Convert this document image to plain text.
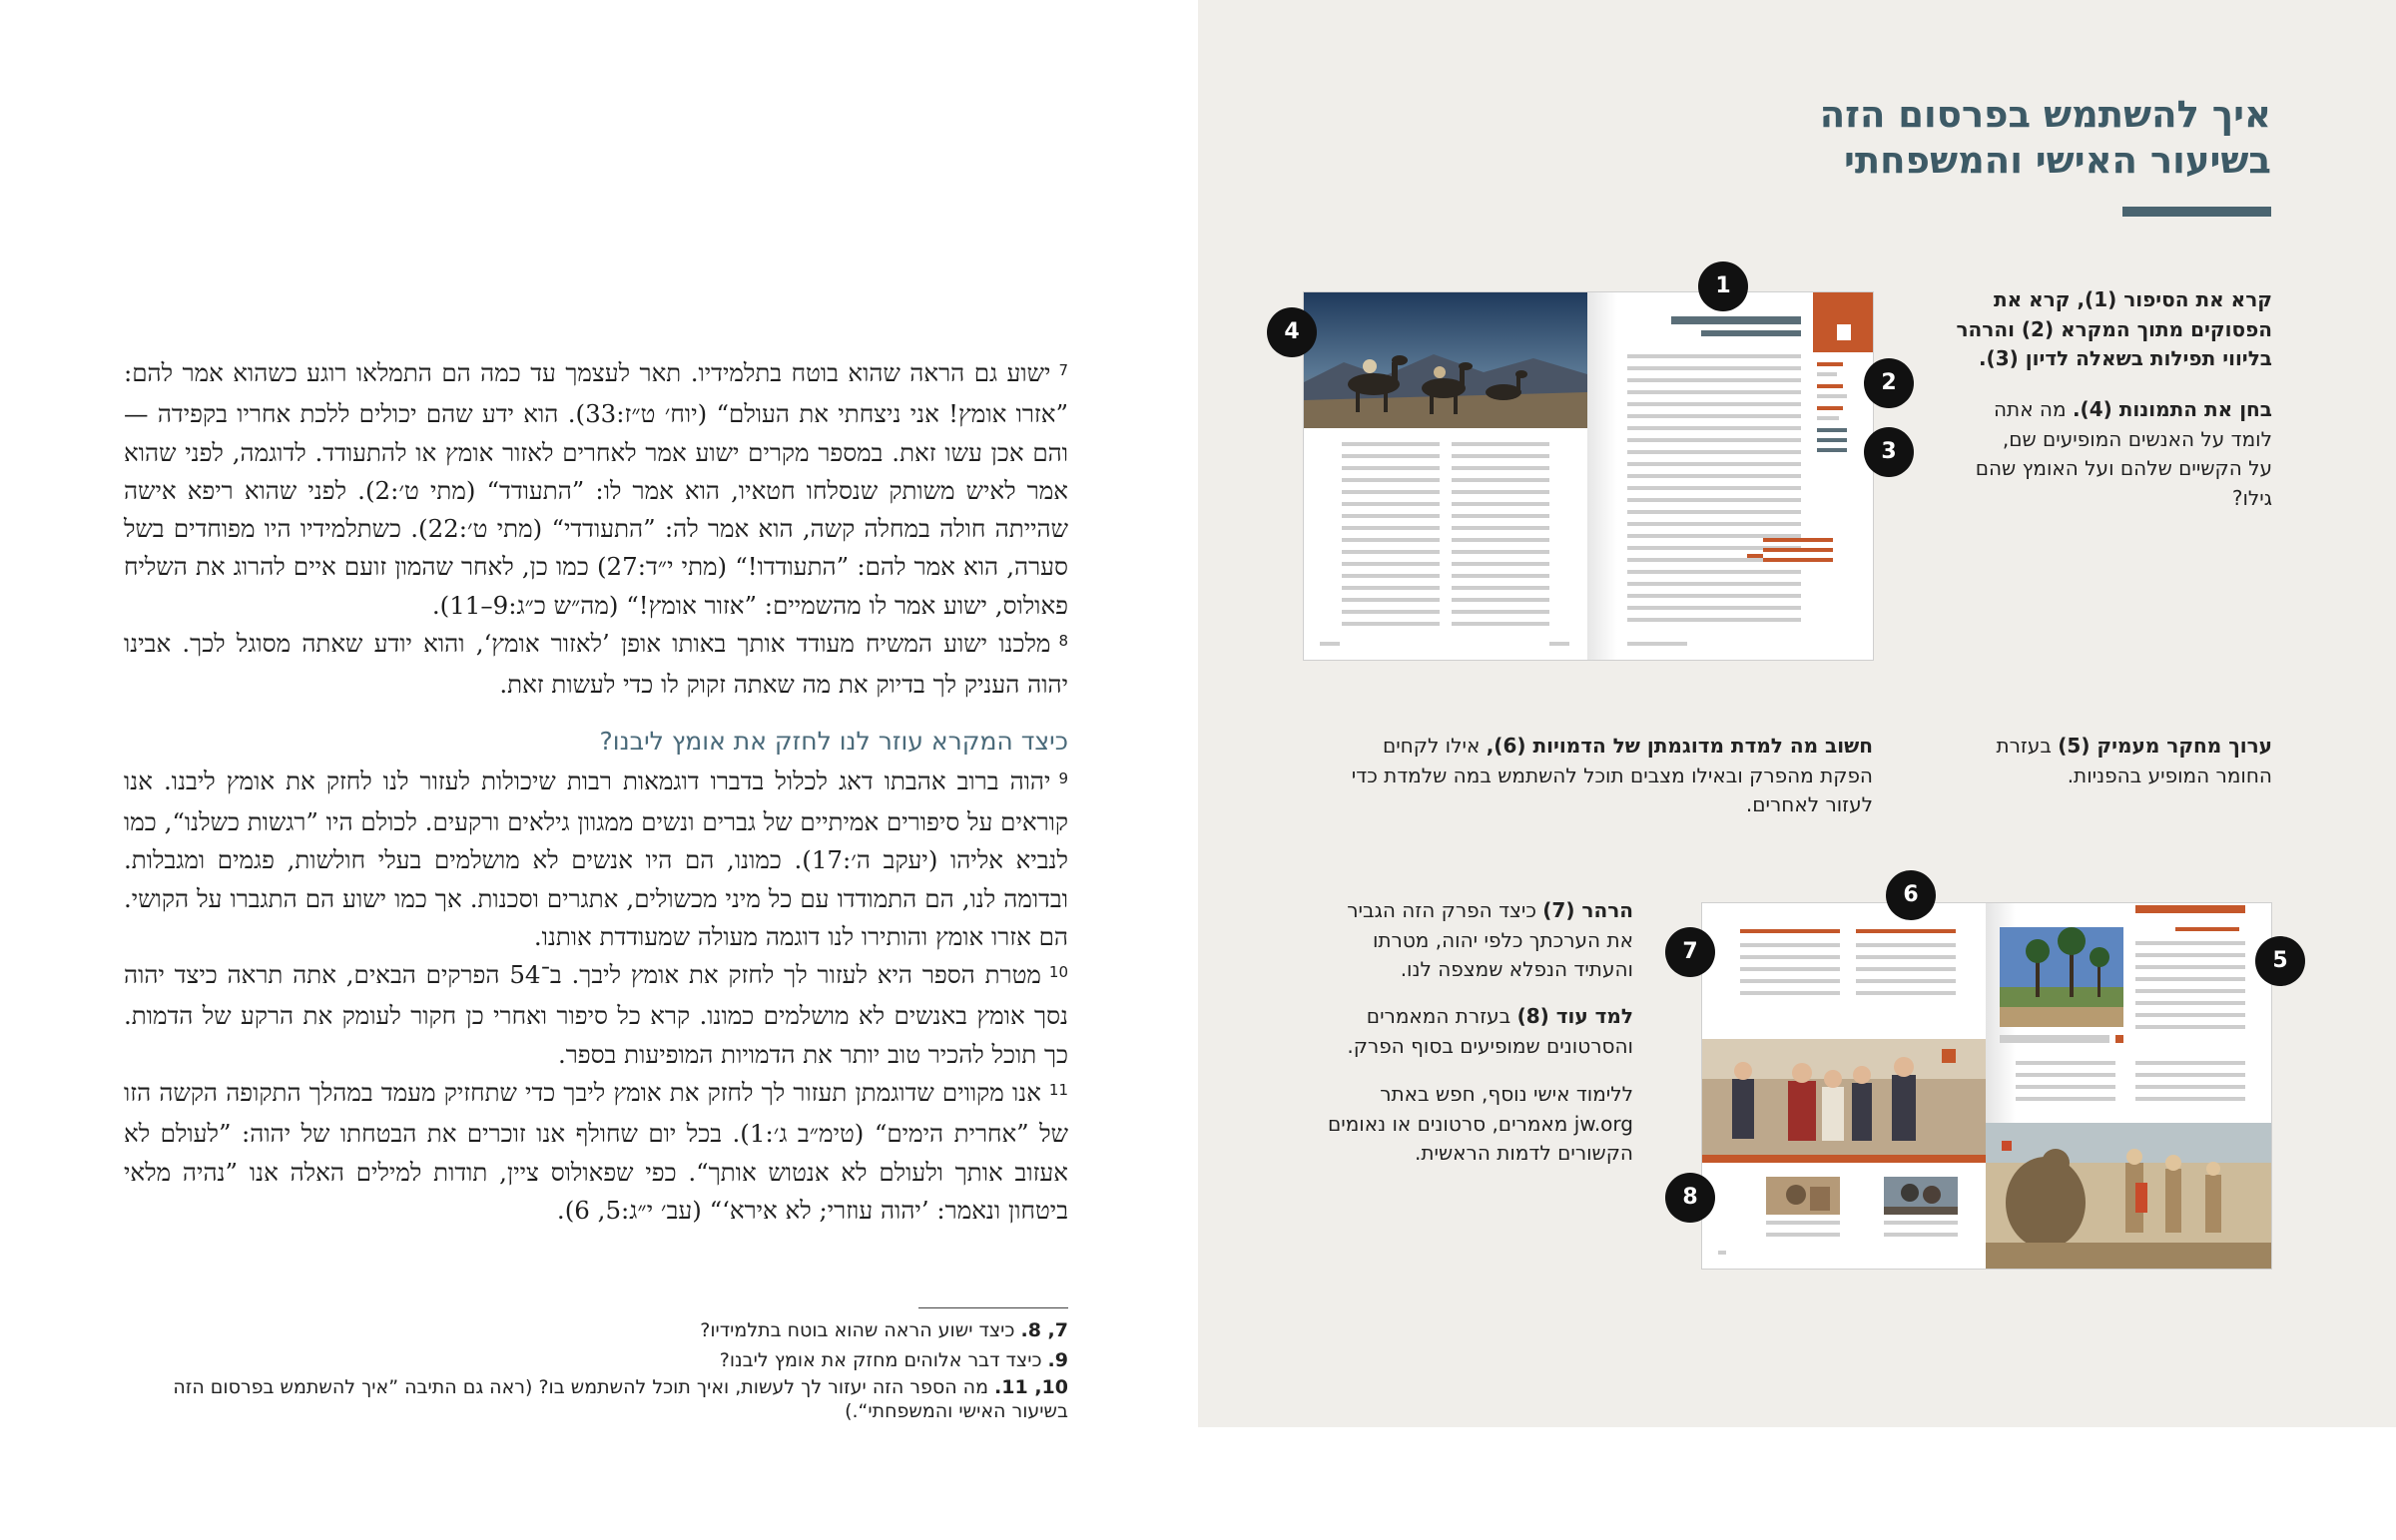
$^7$ישוע גם הראה שהוא בוטח בתלמידיו. תאר לעצמך עד כמה הם התמלאו רוגע כשהוא אמר להם: ”אזרו אומץ! אני ניצחתי את העולם“ (יוח׳ ט״ז:33). הוא ידע שהם יכולים ללכת אחריו בקפידה — והם אכן עשו זאת. במספר מקרים ישוע אמר לאחרים לאזור אומץ או להתעודד. לדוגמה, לפני שהוא אמר לאיש משותק שנסלחו חטאיו, הוא אמר לו: ”התעודד“ (מתי ט׳:2). לפני שהוא ריפא אישה שהייתה חולה במחלה קשה, הוא אמר לה: ”התעודדי“ (מתי ט׳:22). כשתלמידיו היו מפוחדים בשל סערה, הוא אמר להם: ”התעודדו!“ (מתי י״ד:27) כמו כן, לאחר שהמון זועם איים להרוג את השליח פאולוס, ישוע אמר לו מהשמיים: ”אזור אומץ!“ (מה״ש כ״ג:9–11).

$^8$מלכנו ישוע המשיח מעודד אותך באותו אופן ’לאזור אומץ‘, והוא יודע שאתה מסוגל לכך. אבינו יהוה העניק לך בדיוק את מה שאתה זקוק לו כדי לעשות זאת.

כיצד המקרא עוזר לנו לחזק את אומץ ליבנו?

$^9$יהוה ברוב אהבתו דאג לכלול בדברו דוגמאות רבות שיכולות לעזור לנו לחזק את אומץ ליבנו. אנו קוראים על סיפורים אמיתיים של גברים ונשים ממגוון גילאים ורקעים. לכולם היו ”רגשות כשלנו“, כמו לנביא אליהו (יעקב ה׳:17). כמונו, הם היו אנשים לא מושלמים בעלי חולשות, פגמים ומגבלות. ובדומה לנו, הם התמודדו עם כל מיני מכשולים, אתגרים וסכנות. אך כמו ישוע הם התגברו על הקושי. הם אזרו אומץ והותירו לנו דוגמה מעולה שמעודדת אותנו.

$^{10}$מטרת הספר היא לעזור לך לחזק את אומץ ליבך. ב־54 הפרקים הבאים, אתה תראה כיצד יהוה נסך אומץ באנשים לא מושלמים כמונו. קרא כל סיפור ואחרי כן חקור לעומק את הרקע של הדמות. כך תוכל להכיר טוב יותר את הדמויות המופיעות בספר.

$^{11}$אנו מקווים שדוגמתן תעזור לך לחזק את אומץ ליבך כדי שתחזיק מעמד במהלך התקופה הקשה הזו של ”אחרית הימים“ (טימ״ב ג׳:1). בכל יום שחולף אנו זוכרים את הבטחתו של יהוה: ”לעולם לא אעזוב אותך ולעולם לא אנטוש אותך“. כפי שפאולוס ציין, תודות למילים האלה אנו ”נהיה מלאי ביטחון ונאמר: ’יהוה עוזרי; לא אירא‘“ (עב׳ י״ג:5, 6).

7, 8. כיצד ישוע הראה שהוא בוטח בתלמידיו?

9. כיצד דבר אלוהים מחזק את אומץ ליבנו?

10, 11. מה הספר הזה יעזור לך לעשות, ואיך תוכל להשתמש בו? (ראה גם התיבה ”איך להשתמש בפרסום הזה בשיעור האישי והמשפחתי“.)

איך להשתמש בפרסום הזה
בשיעור האישי והמשפחתי

קרא את הסיפור (1), קרא את הפסוקים מתוך המקרא (2) והרהר בליווי תפילות בשאלה לדיון (3).

בחן את התמונות (4). מה אתה לומד על האנשים המופיעים שם, על הקשיים שלהם ועל האומץ שהם גילו?

ערוך מחקר מעמיק (5) בעזרת החומר המופיע בהפניות.

חשוב מה למדת מדוגמתן של הדמויות (6), אילו לקחים הפקת מהפרק ובאילו מצבים תוכל להשתמש במה שלמדת כדי לעזור לאחרים.

הרהר (7) כיצד הפרק הזה הגביר את הערכתך כלפי יהוה, מטרתו והעתיד הנפלא שמצפה לנו.

למד עוד (8) בעזרת המאמרים והסרטונים שמופיעים בסוף הפרק.

ללימוד אישי נוסף, חפש באתר jw.org מאמרים, סרטונים או נאומים הקשורים לדמות הראשית.

1
2
3
4
5
6
7
8
